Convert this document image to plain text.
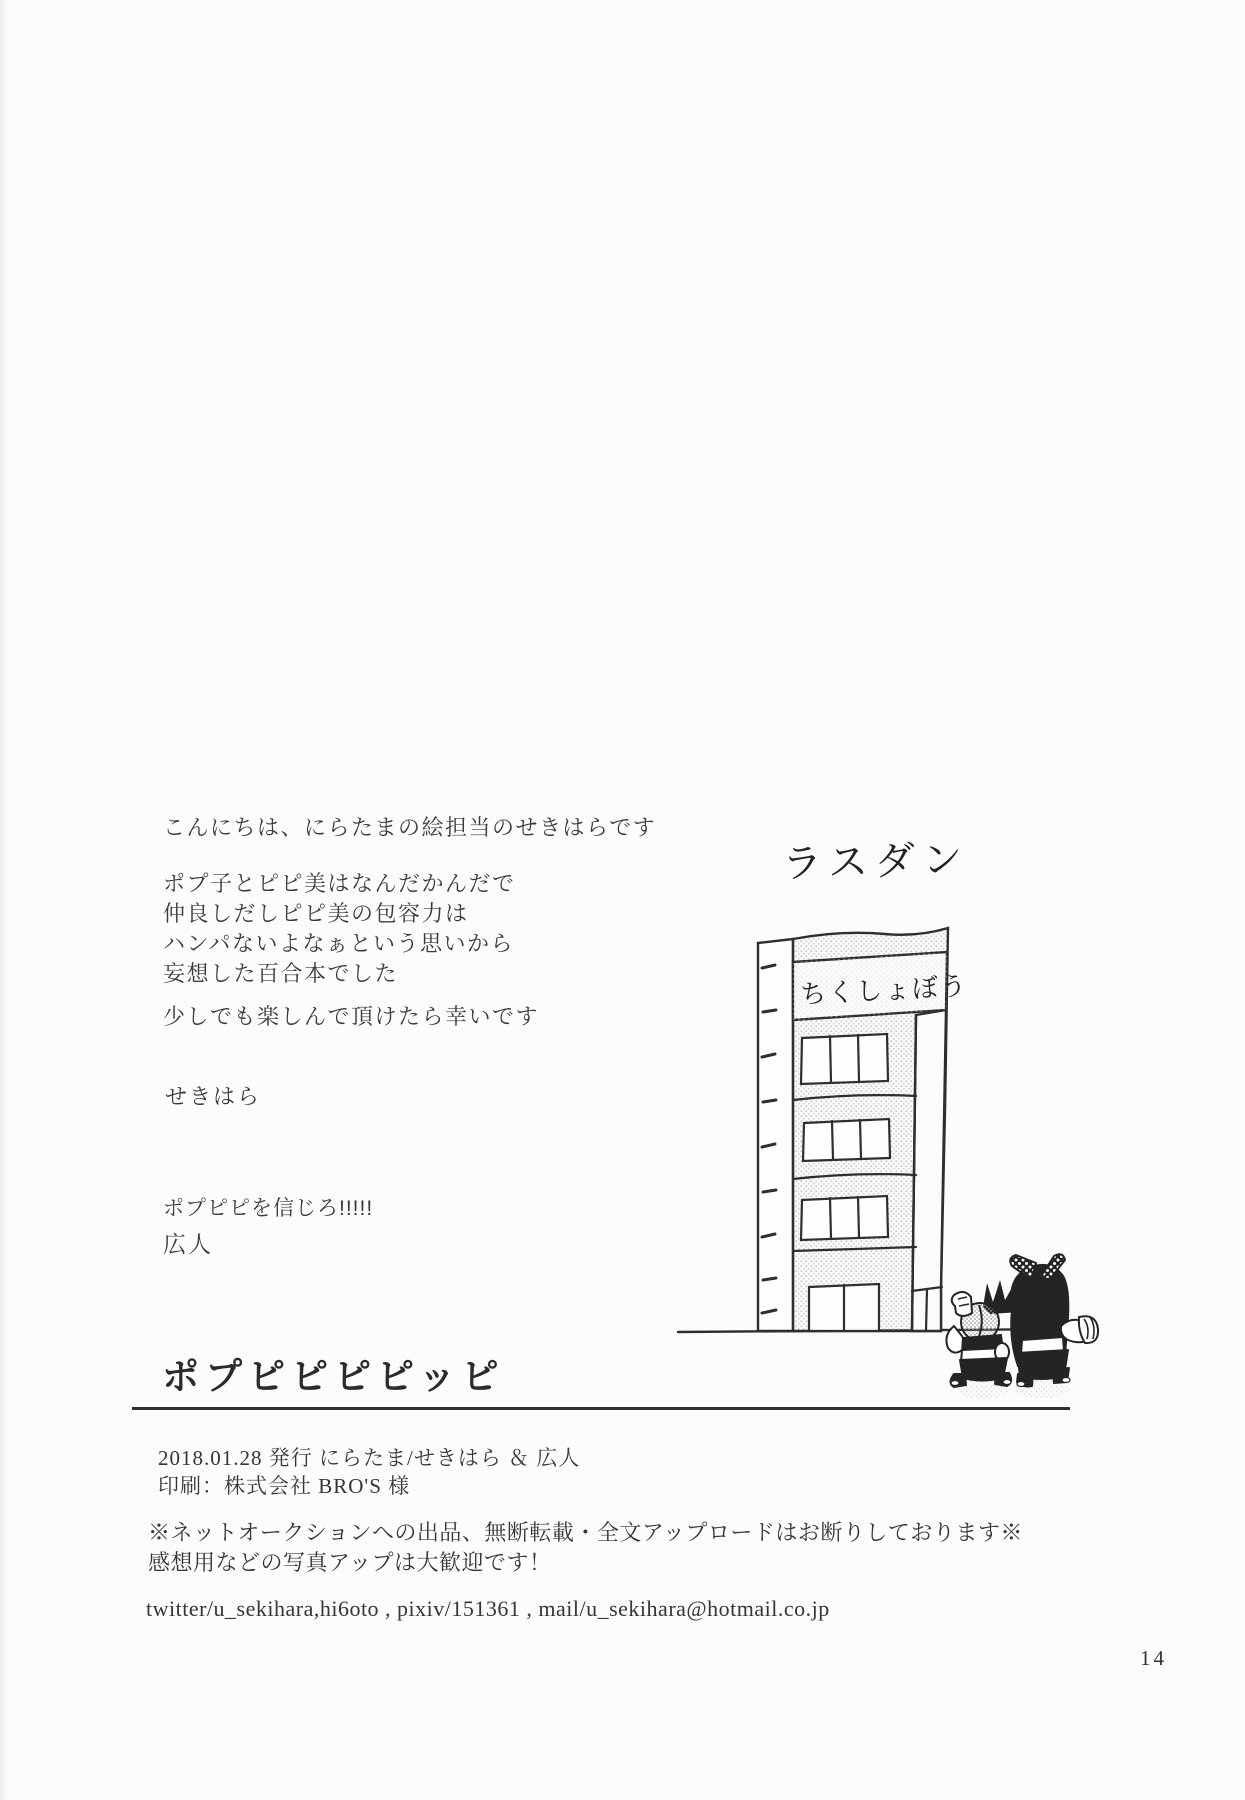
こんにちは、にらたまの絵担当のせきはらです
ポプ子とピピ美はなんだかんだで
仲良しだしピピ美の包容力は
ハンパないよなぁという思いから
妄想した百合本でした
少しでも楽しんで頂けたら幸いです
せきはら
ポプピピを信じろ!!!!!
広人
ラスダン
ちくしょぼう
ポプピピピピッピ
2018.01.28 発行 にらたま/せきはら ＆ 広人
印刷：株式会社 BRO'S 様
※ネットオークションへの出品、無断転載・全文アップロードはお断りしております※
感想用などの写真アップは大歓迎です！
twitter/u_sekihara,hi6oto , pixiv/151361 , mail/u_sekihara@hotmail.co.jp
14
